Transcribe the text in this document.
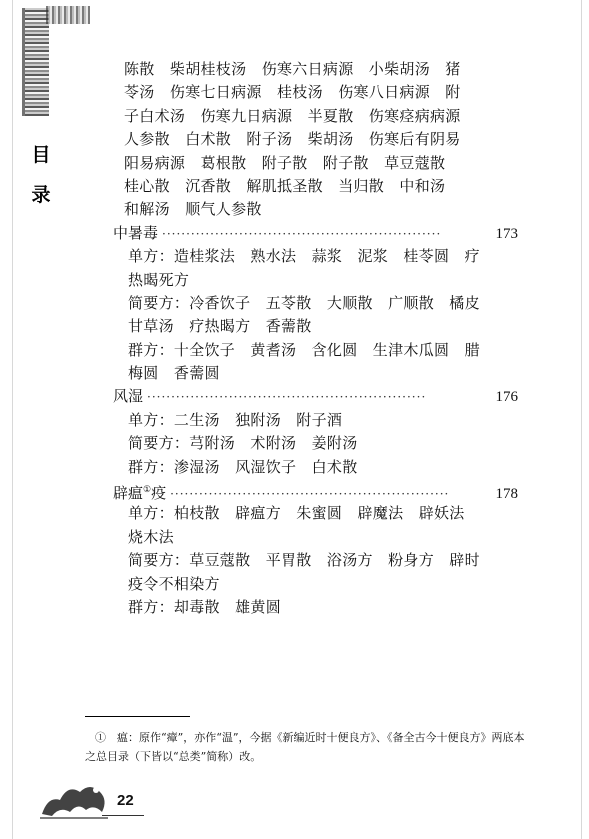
目
录
陈散　柴胡桂枝汤　伤寒六日病源　小柴胡汤　猪
苓汤　伤寒七日病源　桂枝汤　伤寒八日病源　附
子白术汤　伤寒九日病源　半夏散　伤寒痉病病源
人参散　白术散　附子汤　柴胡汤　伤寒后有阴易
阳易病源　葛根散　附子散　附子散　草豆蔻散
桂心散　沉香散　解肌抵圣散　当归散　中和汤
和解汤　顺气人参散
中暑毒 ··························································	173
单方：造桂浆法　熟水法　蒜浆　泥浆　桂苓圆　疗
热暍死方
简要方：冷香饮子　五苓散　大顺散　广顺散　橘皮
甘草汤　疗热暍方　香薷散
群方：十全饮子　黄耆汤　含化圆　生津木瓜圆　腊
梅圆　香薷圆
风湿 ··························································	176
单方：二生汤　独附汤　附子酒
简要方：芎附汤　术附汤　姜附汤
群方：渗湿汤　风湿饮子　白术散
辟瘟①疫 ··························································	178
单方：柏枝散　辟瘟方　朱蜜圆　辟魔法　辟妖法
烧木法
简要方：草豆蔻散　平胃散　浴汤方　粉身方　辟时
疫令不相染方
群方：却毒散　雄黄圆
①　瘟：原作“瘴”，亦作“温”，今据《新编近时十便良方》、《备全古今十便良方》两底本之总目录（下皆以“总类”简称）改。
22
